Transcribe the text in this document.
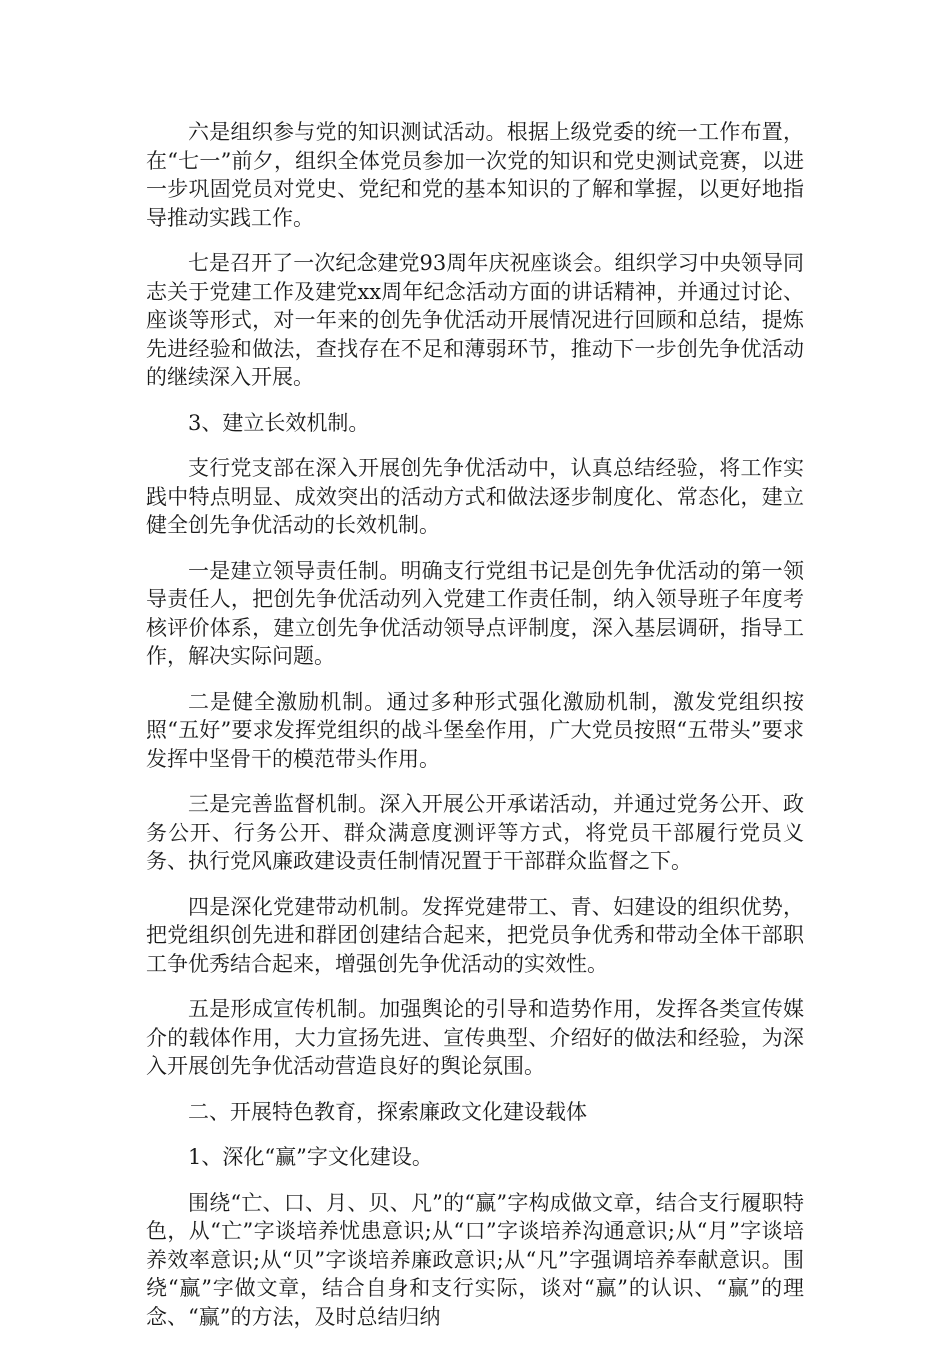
六是组织参与党的知识测试活动。根据上级党委的统一工作布置，在“七一”前夕，组织全体党员参加一次党的知识和党史测试竞赛，以进一步巩固党员对党史、党纪和党的基本知识的了解和掌握，以更好地指导推动实践工作。

七是召开了一次纪念建党93周年庆祝座谈会。组织学习中央领导同志关于党建工作及建党xx周年纪念活动方面的讲话精神，并通过讨论、座谈等形式，对一年来的创先争优活动开展情况进行回顾和总结，提炼先进经验和做法，查找存在不足和薄弱环节，推动下一步创先争优活动的继续深入开展。

3、建立长效机制。

支行党支部在深入开展创先争优活动中，认真总结经验，将工作实践中特点明显、成效突出的活动方式和做法逐步制度化、常态化，建立健全创先争优活动的长效机制。

一是建立领导责任制。明确支行党组书记是创先争优活动的第一领导责任人，把创先争优活动列入党建工作责任制，纳入领导班子年度考核评价体系，建立创先争优活动领导点评制度，深入基层调研，指导工作，解决实际问题。

二是健全激励机制。通过多种形式强化激励机制，激发党组织按照“五好”要求发挥党组织的战斗堡垒作用，广大党员按照“五带头”要求发挥中坚骨干的模范带头作用。

三是完善监督机制。深入开展公开承诺活动，并通过党务公开、政务公开、行务公开、群众满意度测评等方式，将党员干部履行党员义务、执行党风廉政建设责任制情况置于干部群众监督之下。

四是深化党建带动机制。发挥党建带工、青、妇建设的组织优势，把党组织创先进和群团创建结合起来，把党员争优秀和带动全体干部职工争优秀结合起来，增强创先争优活动的实效性。

五是形成宣传机制。加强舆论的引导和造势作用，发挥各类宣传媒介的载体作用，大力宣扬先进、宣传典型、介绍好的做法和经验，为深入开展创先争优活动营造良好的舆论氛围。

二、开展特色教育，探索廉政文化建设载体

1、深化“赢”字文化建设。

围绕“亡、口、月、贝、凡”的“赢”字构成做文章，结合支行履职特色，从“亡”字谈培养忧患意识;从“口”字谈培养沟通意识;从“月”字谈培养效率意识;从“贝”字谈培养廉政意识;从“凡”字强调培养奉献意识。围绕“赢”字做文章，结合自身和支行实际，谈对“赢”的认识、“赢”的理念、“赢”的方法，及时总结归纳
